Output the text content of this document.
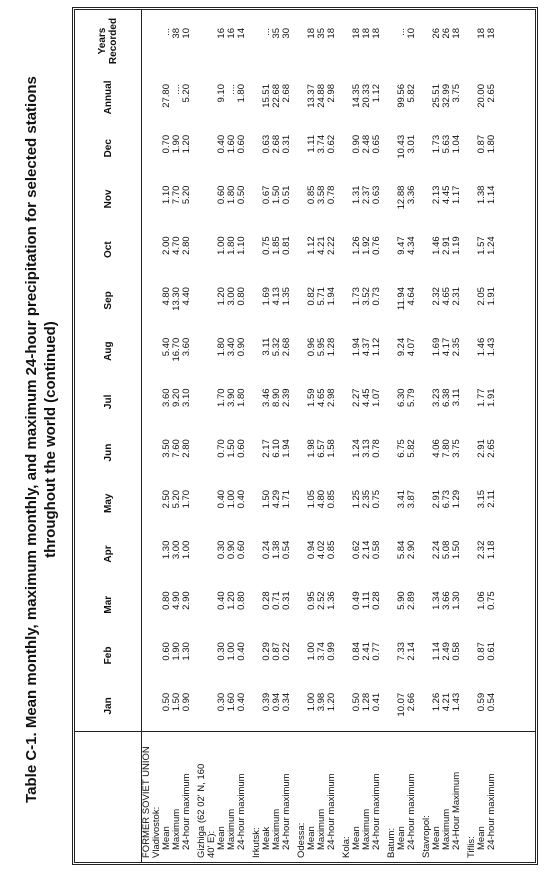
Table C-1. Mean monthly, maximum monthly, and maximum 24-hour precipitation for selected stations throughout the world (continued)
	Jan	Feb	Mar	Apr	May	Jun	Jul	Aug	Sep	Oct	Nov	Dec	Annual	Years Recorded
FORMER SOVIET UNION														
Vladivostok:														
Mean	0.50	0.60	0.80	1.30	2.50	3.50	3.60	5.40	4.80	2.00	1.10	0.70	27.80	...
Maximum	1.50	1.90	4.90	3.00	5.20	7.60	9.20	16.70	13.30	4.70	7.70	1.90	....	38
24-hour maximum	0.90	1.30	2.90	1.00	1.70	2.80	3.10	3.60	4.40	2.80	5.20	1.20	5.20	10

Gizhiga (62 02' N, 160														
40' E):														
Mean	0.30	0.30	0.40	0.30	0.40	0.70	1.70	1.80	1.20	1.00	0.60	0.40	9.10	16
Maximum	1.60	1.00	1.20	0.90	1.00	1.50	3.90	3.40	3.00	1.80	1.80	1.60	....	16
24-hour maximum	0.40	0.40	0.80	0.60	0.40	0.60	1.80	0.90	0.80	1.10	0.50	0.60	1.80	14

Irkutsk:														
Meak	0.39	0.29	0.28	0.24	1.50	2.17	3.46	3.11	1.69	0.75	0.67	0.63	15.51	...
Maximum	0.94	0.87	0.71	1.38	4.29	6.10	8.90	5.32	4.13	1.85	1.50	2.68	22.68	35
24-hour maximum	0.34	0.22	0.31	0.54	1.71	1.94	2.39	2.68	1.35	0.81	0.51	0.31	2.68	30

Odessa:														
Mean	1.00	1.00	0.95	0.94	1.05	1.98	1.59	0.96	0.82	1.12	0.85	1.11	13.37	18
Maximum	3.98	3.74	2.52	4.02	4.80	6.57	4.65	5.95	5.71	4.21	3.58	3.74	24.88	35
24-hour maximum	1.20	0.99	1.36	0.85	0.85	1.58	2.98	1.28	1.94	2.22	0.78	0.62	2.98	18

Kola:														
Mean	0.50	0.84	0.49	0.62	1.25	1.24	2.27	1.94	1.73	1.26	1.31	0.90	14.35	18
Maximum	1.28	2.41	1.11	2.14	2.35	3.13	4.45	4.37	3.52	1.92	2.37	2.48	20.33	18
24-hour maximum	0.41	0.77	0.28	0.58	0.75	0.78	1.07	1.12	0.73	0.76	0.63	0.65	1.12	18

Batum:														
Mean	10.07	7.33	5.90	5.84	3.41	6.75	6.30	9.24	11.94	9.47	12.88	10.43	99.56	...
24-hour maximum	2.66	2.14	2.89	2.90	3.87	5.82	5.79	4.07	4.64	4.34	3.36	3.01	5.82	10

Stavropol:														
Mean	1.26	1.14	1.34	2.24	2.91	4.06	3.23	1.69	2.32	1.46	2.13	1.73	25.51	26
Maximum	4.21	2.49	3.66	5.08	6.73	7.80	6.38	4.17	4.65	2.91	4.45	5.63	32.99	26
24-Hour Maximum	1.43	0.58	1.30	1.50	1.29	3.75	3.11	2.35	2.31	1.19	1.17	1.04	3.75	18

Tiflis:														
Mean	0.59	0.87	1.06	2.32	3.15	2.91	1.77	1.46	2.05	1.57	1.38	0.87	20.00	18
24-hour maximum	0.54	0.61	0.75	1.18	2.11	2.65	1.91	1.43	1.91	1.24	1.14	1.80	2.65	18
